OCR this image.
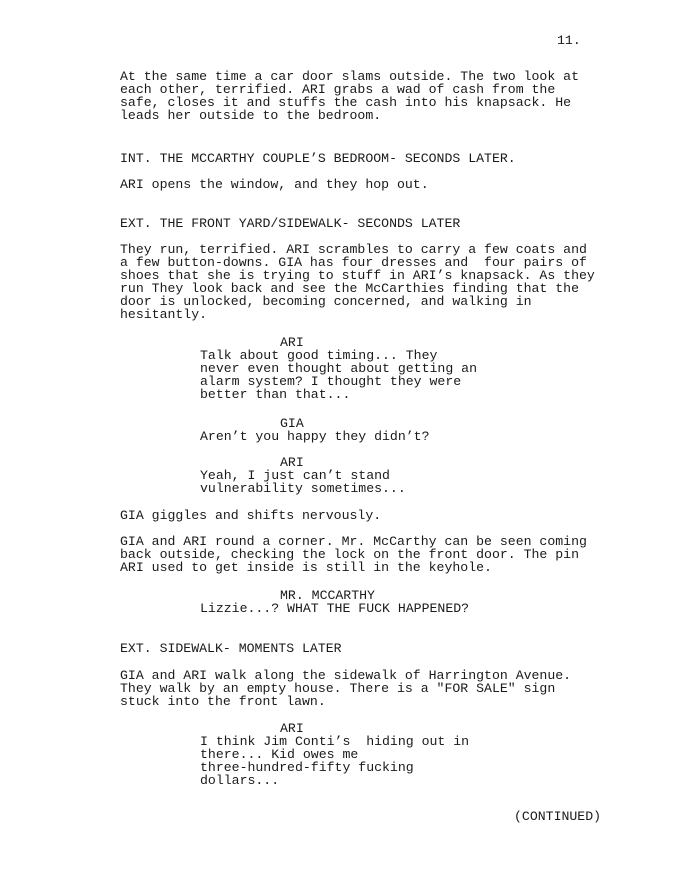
11.
At the same time a car door slams outside. The two look at
each other, terrified. ARI grabs a wad of cash from the
safe, closes it and stuffs the cash into his knapsack. He
leads her outside to the bedroom.
INT. THE MCCARTHY COUPLE’S BEDROOM- SECONDS LATER.
ARI opens the window, and they hop out.
EXT. THE FRONT YARD/SIDEWALK- SECONDS LATER
They run, terrified. ARI scrambles to carry a few coats and
a few button-downs. GIA has four dresses and  four pairs of
shoes that she is trying to stuff in ARI’s knapsack. As they
run They look back and see the McCarthies finding that the
door is unlocked, becoming concerned, and walking in
hesitantly.
ARI
Talk about good timing... They
never even thought about getting an
alarm system? I thought they were
better than that...
GIA
Aren’t you happy they didn’t?
ARI
Yeah, I just can’t stand
vulnerability sometimes...
GIA giggles and shifts nervously.
GIA and ARI round a corner. Mr. McCarthy can be seen coming
back outside, checking the lock on the front door. The pin
ARI used to get inside is still in the keyhole.
MR. MCCARTHY
Lizzie...? WHAT THE FUCK HAPPENED?
EXT. SIDEWALK- MOMENTS LATER
GIA and ARI walk along the sidewalk of Harrington Avenue.
They walk by an empty house. There is a "FOR SALE" sign
stuck into the front lawn.
ARI
I think Jim Conti’s  hiding out in
there... Kid owes me
three-hundred-fifty fucking
dollars...
(CONTINUED)
